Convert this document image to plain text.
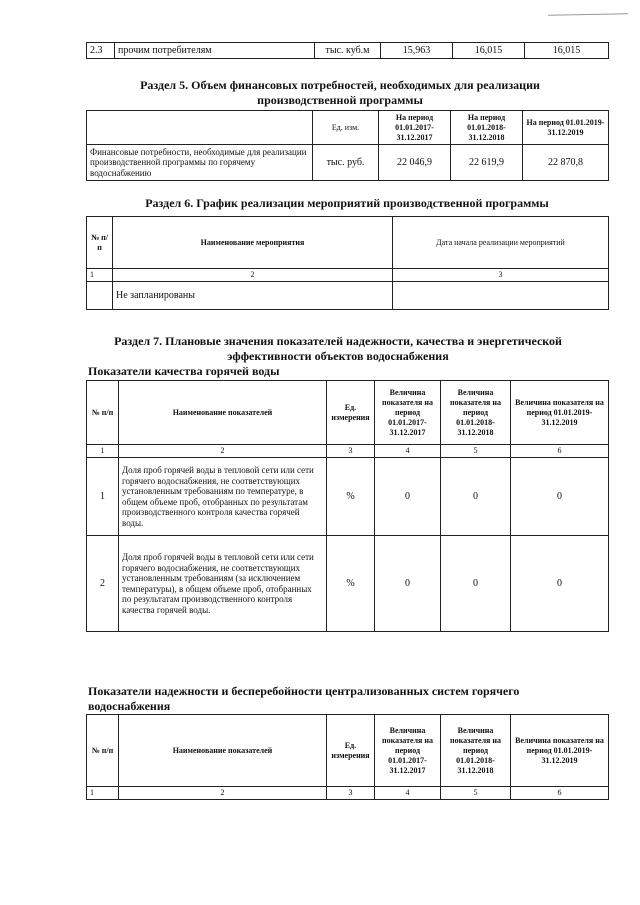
2.3	прочим потребителям	тыс. куб.м	15,963	16,015	16,015
Раздел 5. Объем финансовых потребностей, необходимых для реализации производственной программы
	Ед. изм.	На период 01.01.2017-31.12.2017	На период 01.01.2018-31.12.2018	На период 01.01.2019-31.12.2019
Финансовые потребности, необходимые для реализации производственной программы по горячему водоснабжению	тыс. руб.	22 046,9	22 619,9	22 870,8
Раздел 6. График реализации мероприятий производственной программы
№ п/п	Наименование мероприятия	Дата начала реализации мероприятий
1	2	3
	Не запланированы	
Раздел 7. Плановые значения показателей надежности, качества и энергетической эффективности объектов водоснабжения
Показатели качества горячей воды
№ п/п	Наименование показателей	Ед. измерения	Величина показателя на период 01.01.2017-31.12.2017	Величина показателя на период 01.01.2018-31.12.2018	Величина показателя на период 01.01.2019-31.12.2019
1	2	3	4	5	6
1	Доля проб горячей воды в тепловой сети или сети горячего водоснабжения, не соответствующих установленным требованиям по температуре, в общем объеме проб, отобранных по результатам производственного контроля качества горячей воды.	%	0	0	0
2	Доля проб горячей воды в тепловой сети или сети горячего водоснабжения, не соответствующих установленным требованиям (за исключением температуры), в общем объеме проб, отобранных по результатам производственного контроля качества горячей воды.	%	0	0	0
Показатели надежности и бесперебойности централизованных систем горячего водоснабжения
№ п/п	Наименование показателей	Ед. измерения	Величина показателя на период 01.01.2017-31.12.2017	Величина показателя на период 01.01.2018-31.12.2018	Величина показателя на период 01.01.2019-31.12.2019
1	2	3	4	5	6
